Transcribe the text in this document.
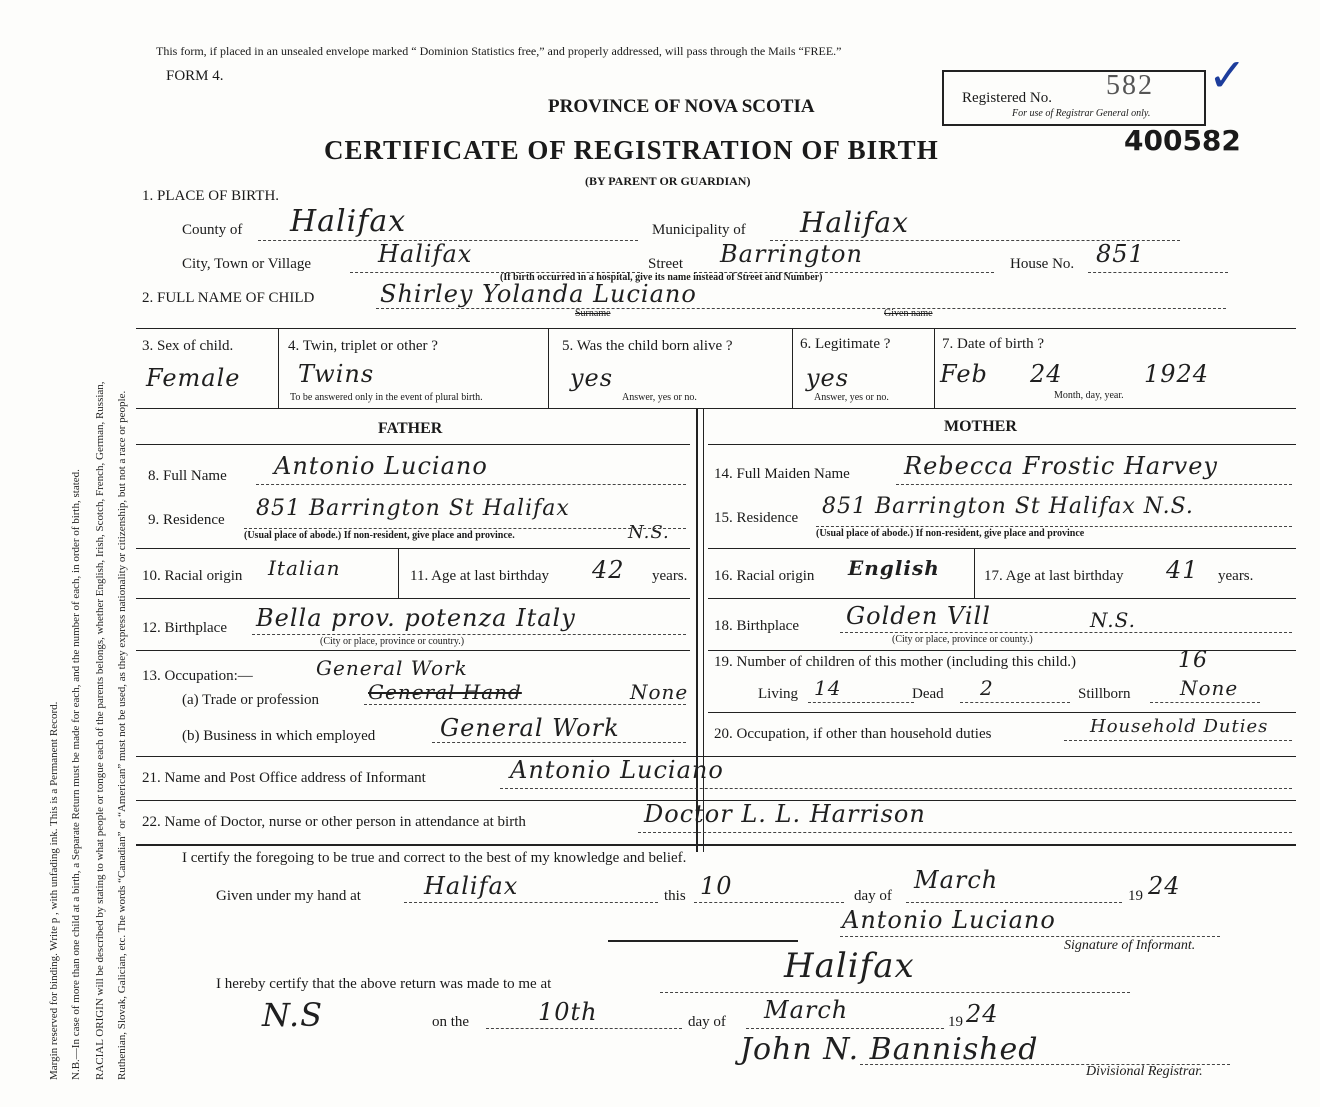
Margin reserved for binding. Write p , with unfading ink. This is a Permanent Record. N.B.—In case of more than one child at a birth, a Separate Return must be made for each, and the number of each, in order of birth, stated. RACIAL ORIGIN will be described by stating to what people or tongue each of the parents belongs, whether English, Irish, Scotch, French, German, Russian, Ruthenian, Slovak, Galician, etc. The words “Canadian” or “American” must not be used, as they express nationality or citizenship, but not a race or people.
This form, if placed in an unsealed envelope marked “ Dominion Statistics free,” and properly addressed, will pass through the Mails “FREE.”
FORM 4.
PROVINCE OF NOVA SCOTIA
CERTIFICATE OF REGISTRATION OF BIRTH
(BY PARENT OR GUARDIAN)
Registered No. 582
For use of Registrar General only.
✓
400582
1. PLACE OF BIRTH.
County of Halifax	Municipality of Halifax
City, Town or Village	Halifax	Street Barrington	House No. 851
(If birth occurred in a hospital, give its name instead of Street and Number)
2. FULL NAME OF CHILD	Shirley Yolanda Luciano
Surname	Given name
3. Sex of child.
Female
4. Twin, triplet or other ?
Twins
To be answered only in the event of plural birth.
5. Was the child born alive ?
yes
Answer, yes or no.
6. Legitimate ?
yes
Answer, yes or no.
7. Date of birth ?
Feb 24	1924
Month, day, year.
FATHER	MOTHER
8. Full Name Antonio Luciano
9. Residence 851 Barrington St Halifax
N.S.
(Usual place of abode.) If non-resident, give place and province.
10. Racial origin Italian	11. Age at last birthday 42 years.
12. Birthplace Bella prov. potenza Italy
(City or place, province or country.)
13. Occupation:—	General Work
(a) Trade or profession General Hand	None
(b) Business in which employed	General Work
14. Full Maiden Name Rebecca Frostic Harvey
15. Residence 851 Barrington St Halifax N.S.
(Usual place of abode.) If non-resident, give place and province
16. Racial origin English	17. Age at last birthday 41 years.
18. Birthplace Golden Vill	N.S.
(City or place, province or county.)
19. Number of children of this mother (including this child.)	16
Living 14	Dead 2	Stillborn None
20. Occupation, if other than household duties	Household Duties
21. Name and Post Office address of Informant	Antonio Luciano
22. Name of Doctor, nurse or other person in attendance at birth	Doctor L. L. Harrison
I certify the foregoing to be true and correct to the best of my knowledge and belief.
Given under my hand at	Halifax	this 10	day of
March
19 24
Antonio Luciano
Signature of Informant.
I hereby certify that the above return was made to me at	Halifax
N.S	on the	10th	day of March	19 24
John N. Bannished
Divisional Registrar.
